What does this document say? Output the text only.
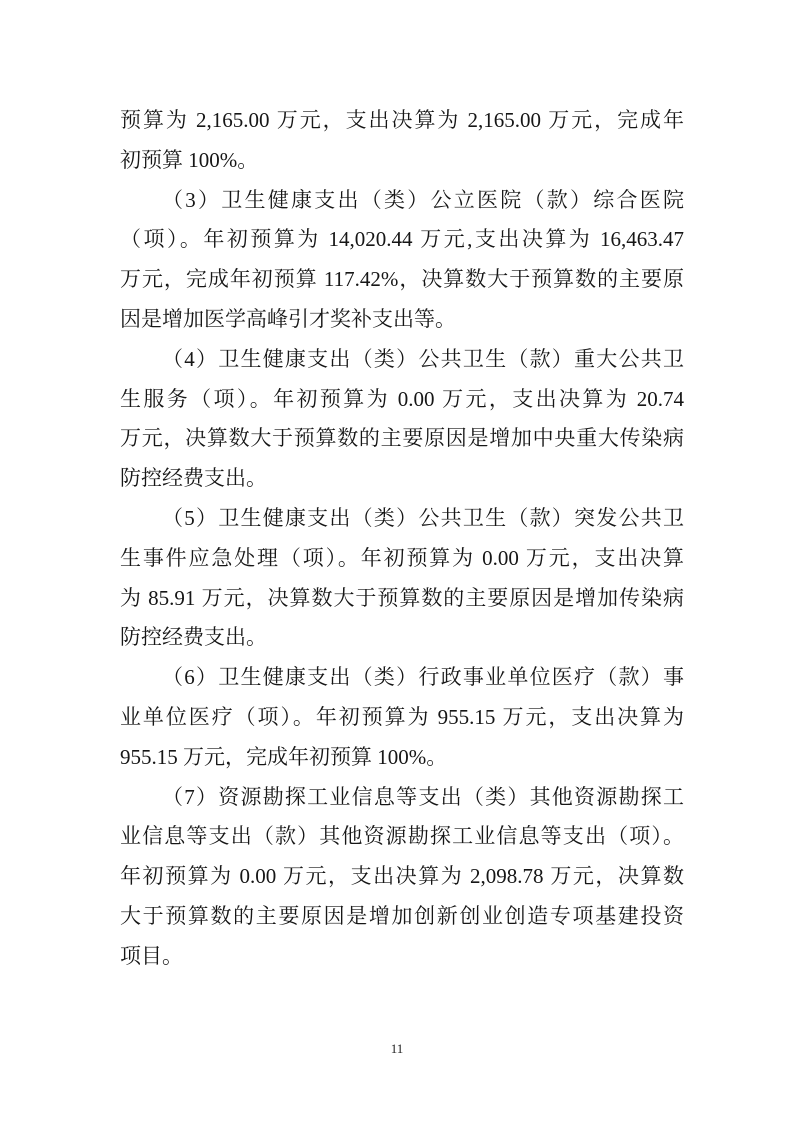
预算为 2,165.00 万元，支出决算为 2,165.00 万元，完成年
初预算 100%。
（3）卫生健康支出（类）公立医院（款）综合医院
（项）。年初预算为 14,020.44 万元,支出决算为 16,463.47
万元，完成年初预算 117.42%，决算数大于预算数的主要原
因是增加医学高峰引才奖补支出等。
（4）卫生健康支出（类）公共卫生（款）重大公共卫
生服务（项）。年初预算为 0.00 万元，支出决算为 20.74
万元，决算数大于预算数的主要原因是增加中央重大传染病
防控经费支出。
（5）卫生健康支出（类）公共卫生（款）突发公共卫
生事件应急处理（项）。年初预算为 0.00 万元，支出决算
为 85.91 万元，决算数大于预算数的主要原因是增加传染病
防控经费支出。
（6）卫生健康支出（类）行政事业单位医疗（款）事
业单位医疗（项）。年初预算为 955.15 万元，支出决算为
955.15 万元，完成年初预算 100%。
（7）资源勘探工业信息等支出（类）其他资源勘探工
业信息等支出（款）其他资源勘探工业信息等支出（项）。
年初预算为 0.00 万元，支出决算为 2,098.78 万元，决算数
大于预算数的主要原因是增加创新创业创造专项基建投资
项目。
11
